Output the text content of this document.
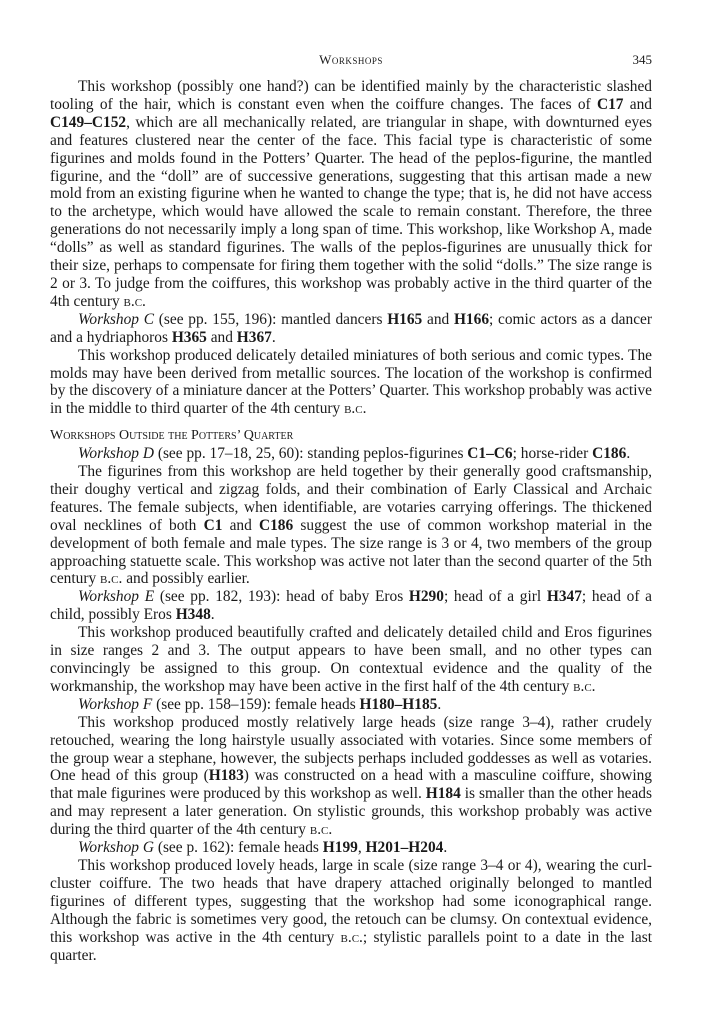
Workshops	345

This workshop (possibly one hand?) can be identified mainly by the characteristic slashed tooling of the hair, which is constant even when the coiffure changes. The faces of C17 and C149–C152, which are all mechanically related, are triangular in shape, with downturned eyes and features clustered near the center of the face. This facial type is characteristic of some figurines and molds found in the Potters’ Quarter. The head of the peplos-figurine, the mantled figurine, and the “doll” are of successive generations, suggesting that this artisan made a new mold from an existing figurine when he wanted to change the type; that is, he did not have access to the archetype, which would have allowed the scale to remain constant. Therefore, the three generations do not necessarily imply a long span of time. This workshop, like Workshop A, made “dolls” as well as standard figurines. The walls of the peplos-figurines are unusually thick for their size, perhaps to compensate for firing them together with the solid “dolls.” The size range is 2 or 3. To judge from the coiffures, this workshop was probably active in the third quarter of the 4th century b.c.

Workshop C (see pp. 155, 196): mantled dancers H165 and H166; comic actors as a dancer and a hydriaphoros H365 and H367.

This workshop produced delicately detailed miniatures of both serious and comic types. The molds may have been derived from metallic sources. The location of the workshop is confirmed by the discovery of a miniature dancer at the Potters’ Quarter. This workshop probably was active in the middle to third quarter of the 4th century b.c.

Workshops Outside the Potters’ Quarter

Workshop D (see pp. 17–18, 25, 60): standing peplos-figurines C1–C6; horse-rider C186.

The figurines from this workshop are held together by their generally good craftsmanship, their doughy vertical and zigzag folds, and their combination of Early Classical and Archaic features. The female subjects, when identifiable, are votaries carrying offerings. The thickened oval necklines of both C1 and C186 suggest the use of common workshop material in the development of both female and male types. The size range is 3 or 4, two members of the group approaching statuette scale. This workshop was active not later than the second quarter of the 5th century b.c. and possibly earlier.

Workshop E (see pp. 182, 193): head of baby Eros H290; head of a girl H347; head of a child, possibly Eros H348.

This workshop produced beautifully crafted and delicately detailed child and Eros figurines in size ranges 2 and 3. The output appears to have been small, and no other types can convincingly be assigned to this group. On contextual evidence and the quality of the workmanship, the workshop may have been active in the first half of the 4th century b.c.

Workshop F (see pp. 158–159): female heads H180–H185.

This workshop produced mostly relatively large heads (size range 3–4), rather crudely retouched, wearing the long hairstyle usually associated with votaries. Since some members of the group wear a stephane, however, the subjects perhaps included goddesses as well as votaries. One head of this group (H183) was constructed on a head with a masculine coiffure, showing that male figurines were produced by this workshop as well. H184 is smaller than the other heads and may represent a later generation. On stylistic grounds, this workshop probably was active during the third quarter of the 4th century b.c.

Workshop G (see p. 162): female heads H199, H201–H204.

This workshop produced lovely heads, large in scale (size range 3–4 or 4), wearing the curl-cluster coiffure. The two heads that have drapery attached originally belonged to mantled figurines of different types, suggesting that the workshop had some iconographical range. Although the fabric is sometimes very good, the retouch can be clumsy. On contextual evidence, this workshop was active in the 4th century b.c.; stylistic parallels point to a date in the last quarter.
